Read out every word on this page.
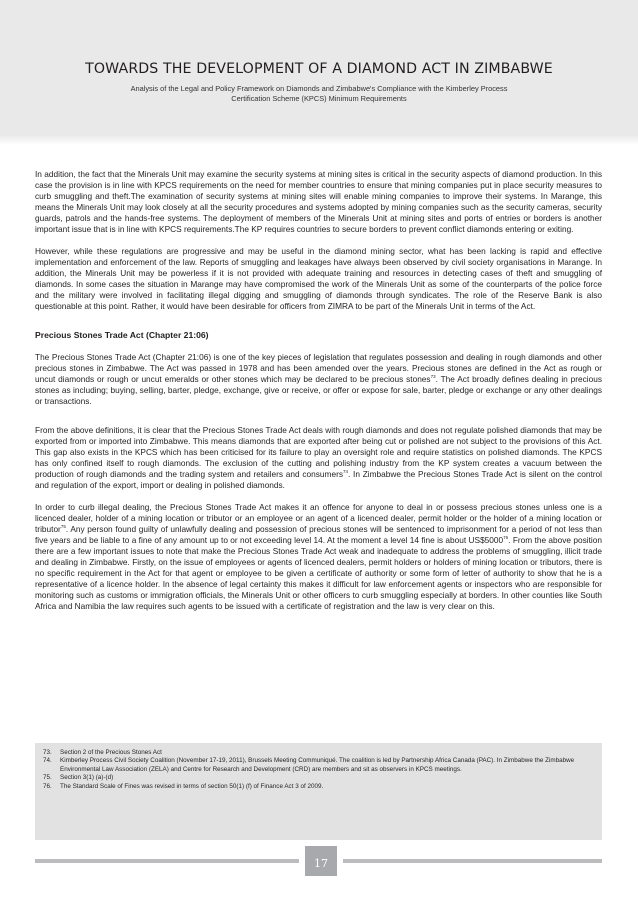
TOWARDS THE DEVELOPMENT OF A DIAMOND ACT IN ZIMBABWE
Analysis of the Legal and Policy Framework on Diamonds and Zimbabwe's Compliance with the Kimberley Process
Certification Scheme (KPCS) Minimum Requirements

In addition, the fact that the Minerals Unit may examine the security systems at mining sites is critical in the security aspects of diamond production. In this case the provision is in line with KPCS requirements on the need for member countries to ensure that mining companies put in place security measures to curb smuggling and theft.The examination of security systems at mining sites will enable mining companies to improve their systems. In Marange, this means the Minerals Unit may look closely at all the security procedures and systems adopted by mining companies such as the security cameras, security guards, patrols and the hands-free systems. The deployment of members of the Minerals Unit at mining sites and ports of entries or borders is another important issue that is in line with KPCS requirements.The KP requires countries to secure borders to prevent conflict diamonds entering or exiting.

However, while these regulations are progressive and may be useful in the diamond mining sector, what has been lacking is rapid and effective implementation and enforcement of the law. Reports of smuggling and leakages have always been observed by civil society organisations in Marange. In addition, the Minerals Unit may be powerless if it is not provided with adequate training and resources in detecting cases of theft and smuggling of diamonds. In some cases the situation in Marange may have compromised the work of the Minerals Unit as some of the counterparts of the police force and the military were involved in facilitating illegal digging and smuggling of diamonds through syndicates. The role of the Reserve Bank is also questionable at this point. Rather, it would have been desirable for officers from ZIMRA to be part of the Minerals Unit in terms of the Act.

Precious Stones Trade Act (Chapter 21:06)

The Precious Stones Trade Act (Chapter 21:06) is one of the key pieces of legislation that regulates possession and dealing in rough diamonds and other precious stones in Zimbabwe. The Act was passed in 1978 and has been amended over the years. Precious stones are defined in the Act as rough or uncut diamonds or rough or uncut emeralds or other stones which may be declared to be precious stones$^{73}$. The Act broadly defines dealing in precious stones as including; buying, selling, barter, pledge, exchange, give or receive, or offer or expose for sale, barter, pledge or exchange or any other dealings or transactions.

From the above definitions, it is clear that the Precious Stones Trade Act deals with rough diamonds and does not regulate polished diamonds that may be exported from or imported into Zimbabwe. This means diamonds that are exported after being cut or polished are not subject to the provisions of this Act. This gap also exists in the KPCS which has been criticised for its failure to play an oversight role and require statistics on polished diamonds. The KPCS has only confined itself to rough diamonds. The exclusion of the cutting and polishing industry from the KP system creates a vacuum between the production of rough diamonds and the trading system and retailers and consumers$^{74}$. In Zimbabwe the Precious Stones Trade Act is silent on the control and regulation of the export, import or dealing in polished diamonds.

In order to curb illegal dealing, the Precious Stones Trade Act makes it an offence for anyone to deal in or possess precious stones unless one is a licenced dealer, holder of a mining location or tributor or an employee or an agent of a licenced dealer, permit holder or the holder of a mining location or tributor$^{75}$. Any person found guilty of unlawfully dealing and possession of precious stones will be sentenced to imprisonment for a period of not less than five years and be liable to a fine of any amount up to or not exceeding level 14. At the moment a level 14 fine is about US$5000$^{76}$. From the above position there are a few important issues to note that make the Precious Stones Trade Act weak and inadequate to address the problems of smuggling, illicit trade and dealing in Zimbabwe. Firstly, on the issue of employees or agents of licenced dealers, permit holders or holders of mining location or tributors, there is no specific requirement in the Act for that agent or employee to be given a certificate of authority or some form of letter of authority to show that he is a representative of a licence holder. In the absence of legal certainty this makes it difficult for law enforcement agents or inspectors who are responsible for monitoring such as customs or immigration officials, the Minerals Unit or other officers to curb smuggling especially at borders. In other counties like South Africa and Namibia the law requires such agents to be issued with a certificate of registration and the law is very clear on this.

73.	Section 2 of the Precious Stones Act
74.	Kimberley Process Civil Society Coalition (November 17-19, 2011), Brussels Meeting Communiqué. The coalition is led by Partnership Africa Canada (PAC). In Zimbabwe the Zimbabwe Environmental Law Association (ZELA) and Centre for Research and Development (CRD) are members and sit as observers in KPCS meetings.
75.	Section 3(1) (a)-(d)
76.	The Standard Scale of Fines was revised in terms of section 50(1) (f) of Finance Act 3 of 2009.
17
